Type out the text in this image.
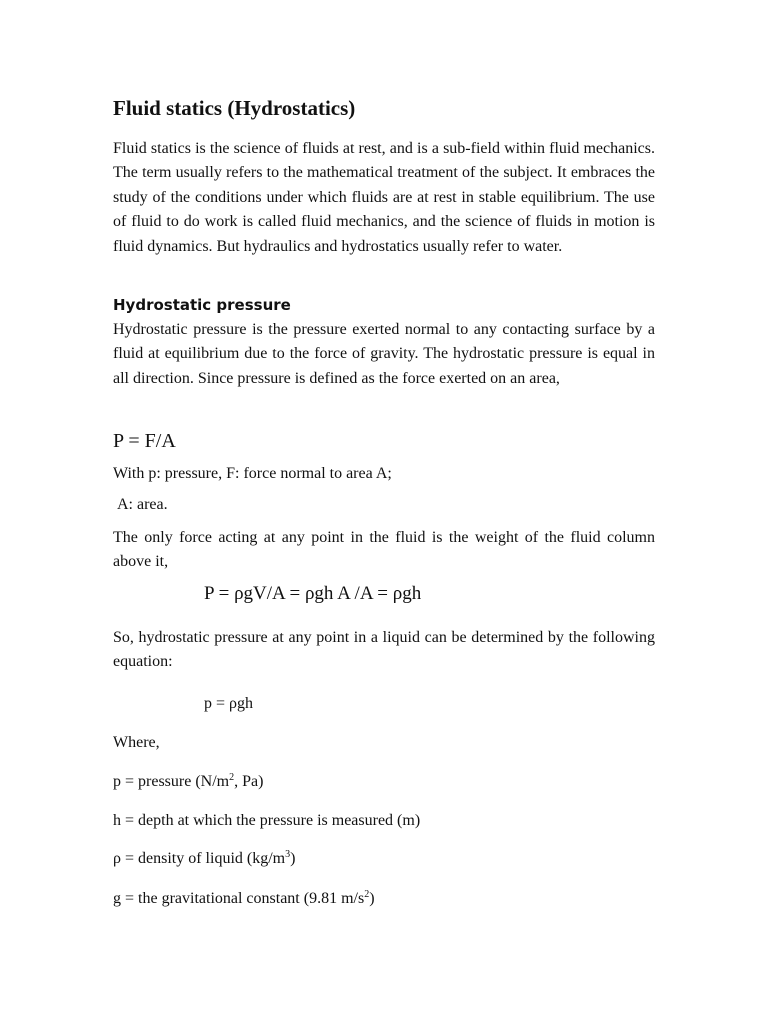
Fluid statics (Hydrostatics)

Fluid statics is the science of fluids at rest, and is a sub-field within fluid mechanics. The term usually refers to the mathematical treatment of the subject. It embraces the study of the conditions under which fluids are at rest in stable equilibrium. The use of fluid to do work is called fluid mechanics, and the science of fluids in motion is fluid dynamics. But hydraulics and hydrostatics usually refer to water.

Hydrostatic pressure

Hydrostatic pressure is the pressure exerted normal to any contacting surface by a fluid at equilibrium due to the force of gravity. The hydrostatic pressure is equal in all direction. Since pressure is defined as the force exerted on an area,

P = F/A

With p: pressure, F: force normal to area A;

A: area.

The only force acting at any point in the fluid is the weight of the fluid column above it,

P = ρgV/A = ρgh A /A = ρgh

So, hydrostatic pressure at any point in a liquid can be determined by the following equation:

p = ρgh

Where,

p = pressure ($N/m^2$, Pa)

h = depth at which the pressure is measured (m)

ρ = density of liquid $(kg/m^3)$

g = the gravitational constant (9.81 $m/s^2$)
